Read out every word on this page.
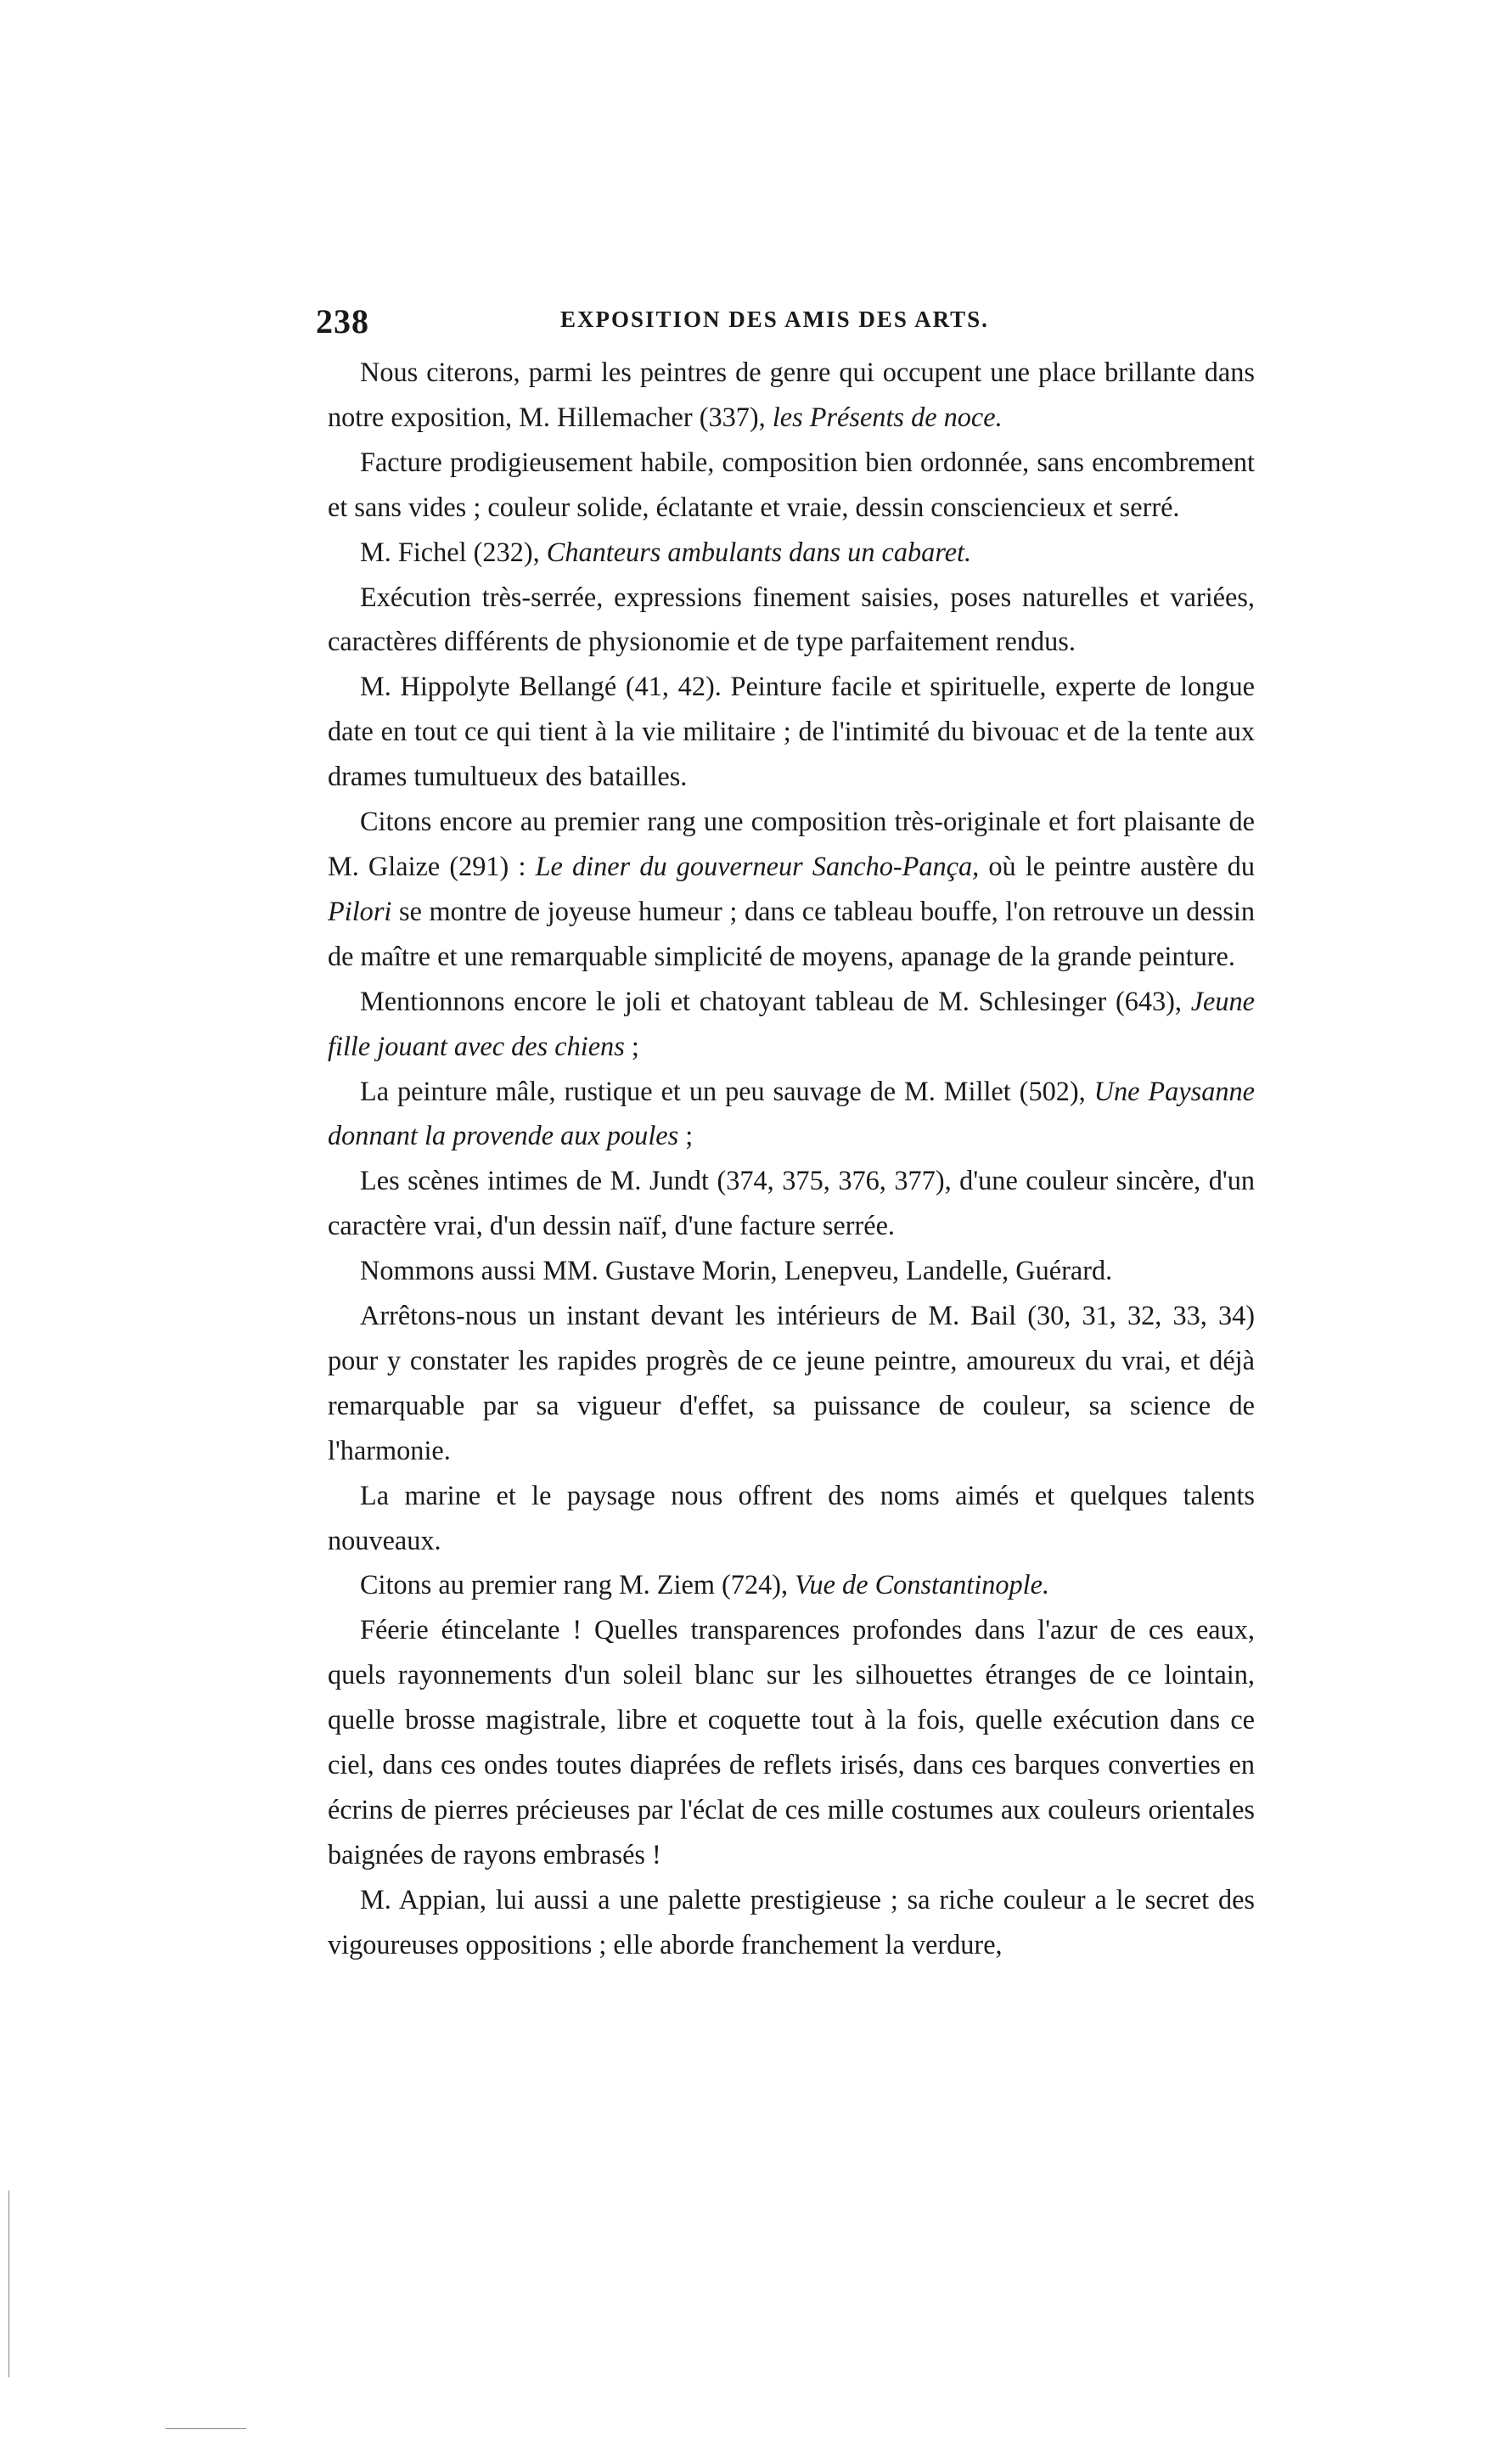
238	EXPOSITION DES AMIS DES ARTS.

Nous citerons, parmi les peintres de genre qui occupent une place brillante dans notre exposition, M. Hillemacher (337), les Présents de noce.

Facture prodigieusement habile, composition bien ordonnée, sans encombrement et sans vides ; couleur solide, éclatante et vraie, dessin consciencieux et serré.

M. Fichel (232), Chanteurs ambulants dans un cabaret.

Exécution très-serrée, expressions finement saisies, poses naturelles et variées, caractères différents de physionomie et de type parfaitement rendus.

M. Hippolyte Bellangé (41, 42). Peinture facile et spirituelle, experte de longue date en tout ce qui tient à la vie militaire ; de l'intimité du bivouac et de la tente aux drames tumultueux des batailles.

Citons encore au premier rang une composition très-originale et fort plaisante de M. Glaize (291) : Le diner du gouverneur Sancho-Pança, où le peintre austère du Pilori se montre de joyeuse humeur ; dans ce tableau bouffe, l'on retrouve un dessin de maître et une remarquable simplicité de moyens, apanage de la grande peinture.

Mentionnons encore le joli et chatoyant tableau de M. Schlesinger (643), Jeune fille jouant avec des chiens ;

La peinture mâle, rustique et un peu sauvage de M. Millet (502), Une Paysanne donnant la provende aux poules ;

Les scènes intimes de M. Jundt (374, 375, 376, 377), d'une couleur sincère, d'un caractère vrai, d'un dessin naïf, d'une facture serrée.

Nommons aussi MM. Gustave Morin, Lenepveu, Landelle, Guérard.

Arrêtons-nous un instant devant les intérieurs de M. Bail (30, 31, 32, 33, 34) pour y constater les rapides progrès de ce jeune peintre, amoureux du vrai, et déjà remarquable par sa vigueur d'effet, sa puissance de couleur, sa science de l'harmonie.

La marine et le paysage nous offrent des noms aimés et quelques talents nouveaux.

Citons au premier rang M. Ziem (724), Vue de Constantinople.

Féerie étincelante ! Quelles transparences profondes dans l'azur de ces eaux, quels rayonnements d'un soleil blanc sur les silhouettes étranges de ce lointain, quelle brosse magistrale, libre et coquette tout à la fois, quelle exécution dans ce ciel, dans ces ondes toutes diaprées de reflets irisés, dans ces barques converties en écrins de pierres précieuses par l'éclat de ces mille costumes aux couleurs orientales baignées de rayons embrasés !

M. Appian, lui aussi a une palette prestigieuse ; sa riche couleur a le secret des vigoureuses oppositions ; elle aborde franchement la verdure,
